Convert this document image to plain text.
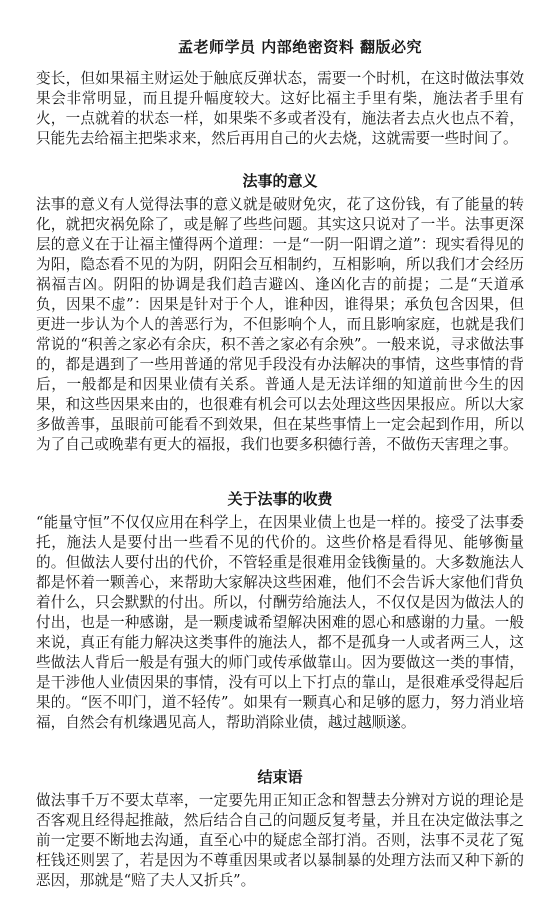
孟老师学员 内部绝密资料 翻版必究

变长，但如果福主财运处于触底反弹状态，需要一个时机，在这时做法事效果会非常明显，而且提升幅度较大。这好比福主手里有柴，施法者手里有火，一点就着的状态一样，如果柴不多或者没有，施法者去点火也点不着，只能先去给福主把柴求来，然后再用自己的火去烧，这就需要一些时间了。

法事的意义

法事的意义有人觉得法事的意义就是破财免灾，花了这份钱，有了能量的转化，就把灾祸免除了，或是解了些些问题。其实这只说对了一半。法事更深层的意义在于让福主懂得两个道理：一是“一阴一阳谓之道”：现实看得见的为阳，隐态看不见的为阴，阴阳会互相制约，互相影响，所以我们才会经历祸福吉凶。阴阳的协调是我们趋吉避凶、逢凶化吉的前提；二是“天道承负，因果不虚”：因果是针对于个人，谁种因，谁得果；承负包含因果，但更进一步认为个人的善恶行为，不但影响个人，而且影响家庭，也就是我们常说的“积善之家必有余庆，积不善之家必有余殃”。一般来说，寻求做法事的，都是遇到了一些用普通的常见手段没有办法解决的事情，这些事情的背后，一般都是和因果业债有关系。普通人是无法详细的知道前世今生的因果，和这些因果来由的，也很难有机会可以去处理这些因果报应。所以大家多做善事，虽眼前可能看不到效果，但在某些事情上一定会起到作用，所以为了自己或晚辈有更大的福报，我们也要多积德行善，不做伤天害理之事。

关于法事的收费

“能量守恒”不仅仅应用在科学上，在因果业债上也是一样的。接受了法事委托，施法人是要付出一些看不见的代价的。这些价格是看得见、能够衡量的。但做法人要付出的代价，不管轻重是很难用金钱衡量的。大多数施法人都是怀着一颗善心，来帮助大家解决这些困难，他们不会告诉大家他们背负着什么，只会默默的付出。所以，付酬劳给施法人，不仅仅是因为做法人的付出，也是一种感谢，是一颗虔诚希望解决困难的恩心和感谢的力量。一般来说，真正有能力解决这类事件的施法人，都不是孤身一人或者两三人，这些做法人背后一般是有强大的师门或传承做靠山。因为要做这一类的事情，是干涉他人业债因果的事情，没有可以上下打点的靠山，是很难承受得起后果的。“医不叩门，道不轻传”。如果有一颗真心和足够的愿力，努力消业培福，自然会有机缘遇见高人，帮助消除业债，越过越顺遂。

结束语

做法事千万不要太草率，一定要先用正知正念和智慧去分辨对方说的理论是否客观且经得起推敲，然后结合自己的问题反复考量，并且在决定做法事之前一定要不断地去沟通，直至心中的疑虑全部打消。否则，法事不灵花了冤枉钱还则罢了，若是因为不尊重因果或者以暴制暴的处理方法而又种下新的恶因，那就是“赔了夫人又折兵”。
